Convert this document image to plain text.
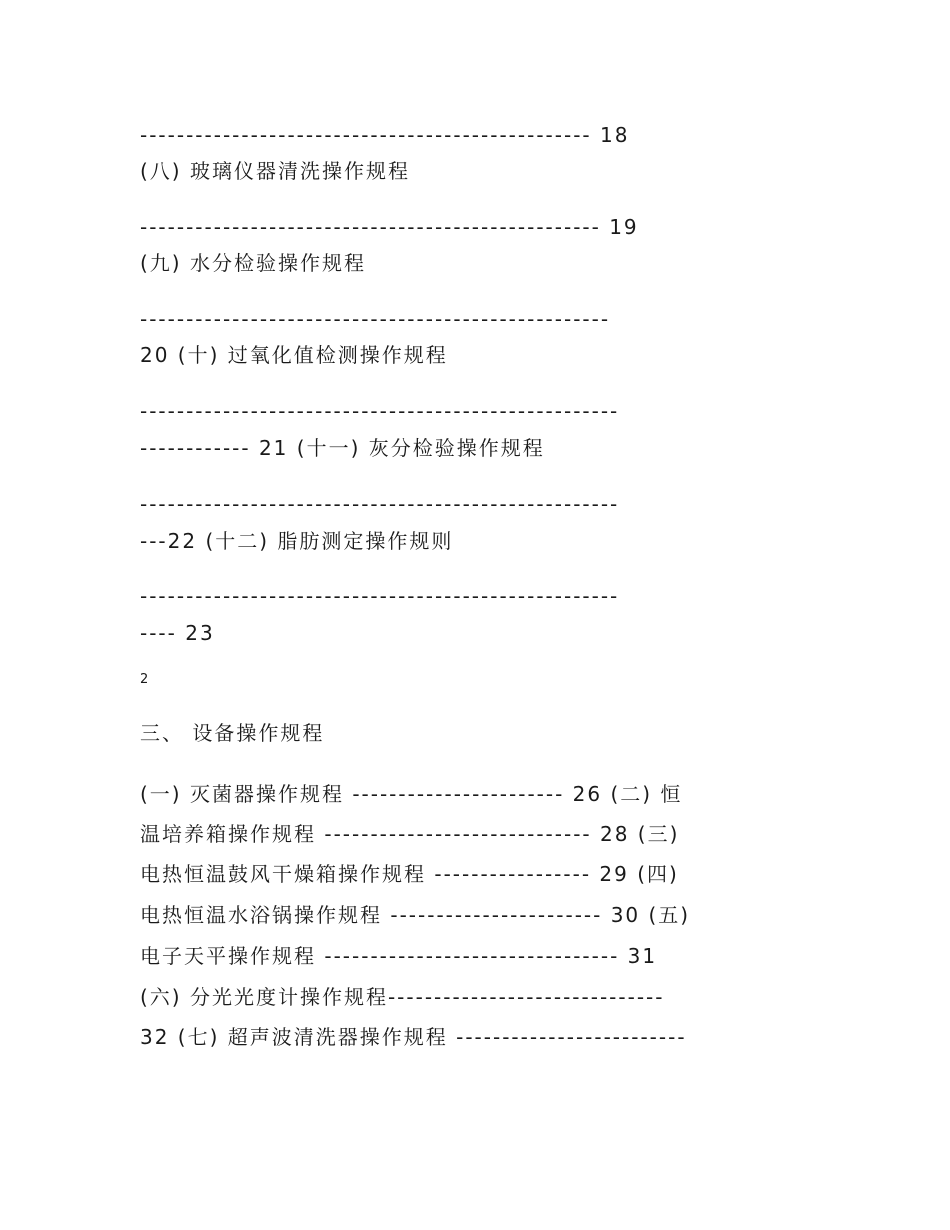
------------------------------------------------- 18
(八) 玻璃仪器清洗操作规程
-------------------------------------------------- 19
(九) 水分检验操作规程
---------------------------------------------------
20 (十) 过氧化值检测操作规程
----------------------------------------------------
------------ 21 (十一) 灰分检验操作规程
----------------------------------------------------
---22 (十二) 脂肪测定操作规则
----------------------------------------------------
---- 23
2
三、 设备操作规程
(一) 灭菌器操作规程 ----------------------- 26 (二) 恒
温培养箱操作规程 ----------------------------- 28 (三)
电热恒温鼓风干燥箱操作规程 ----------------- 29 (四)
电热恒温水浴锅操作规程 ----------------------- 30 (五)
电子天平操作规程 -------------------------------- 31
(六) 分光光度计操作规程------------------------------
32 (七) 超声波清洗器操作规程 -------------------------
